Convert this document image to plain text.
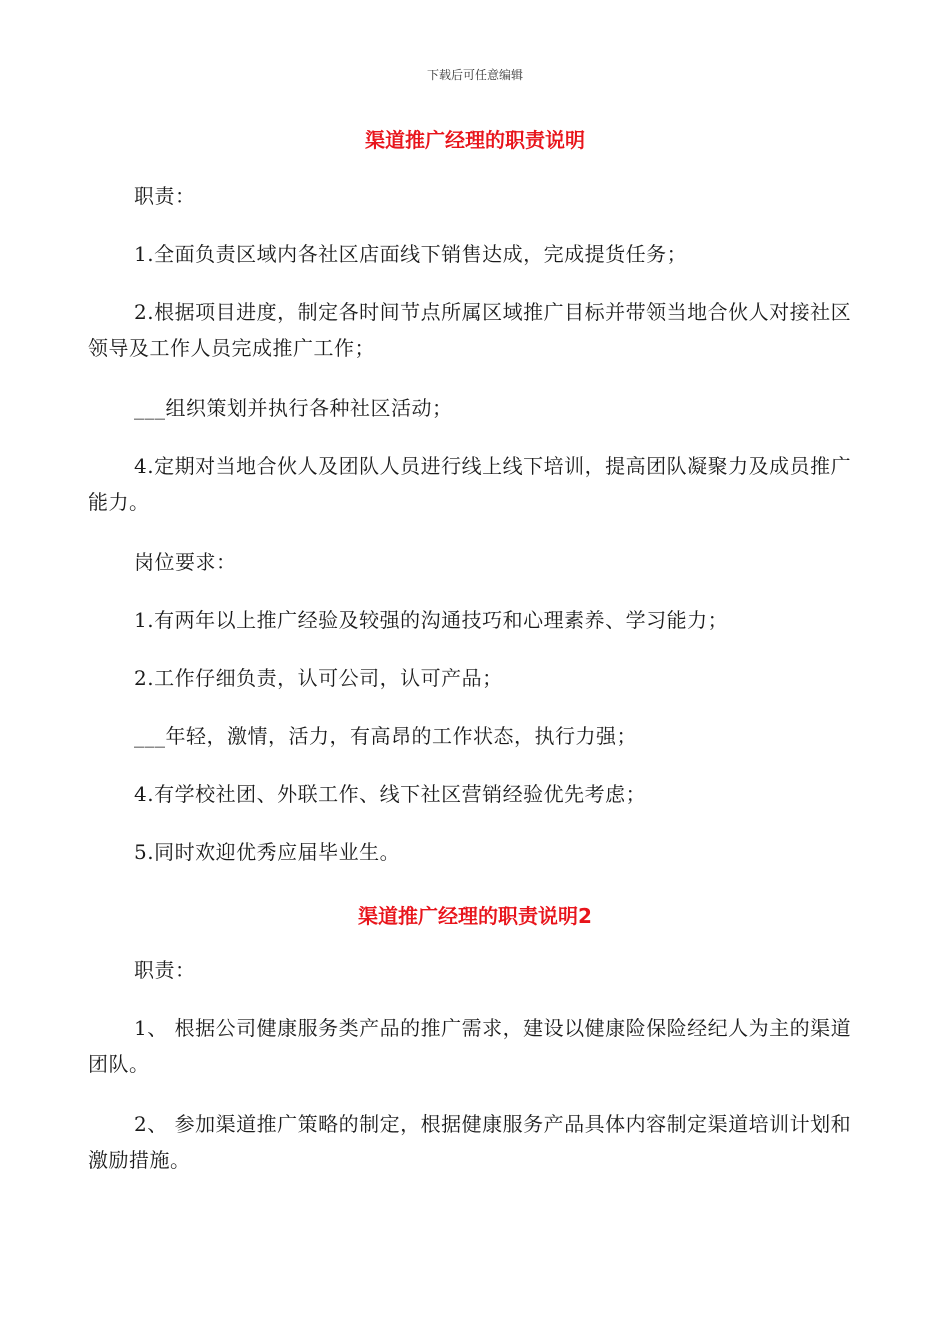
下载后可任意编辑
渠道推广经理的职责说明

职责：

1.全面负责区域内各社区店面线下销售达成，完成提货任务；

2.根据项目进度，制定各时间节点所属区域推广目标并带领当地合伙人对接社区领导及工作人员完成推广工作；

___组织策划并执行各种社区活动；

4.定期对当地合伙人及团队人员进行线上线下培训，提高团队凝聚力及成员推广能力。

岗位要求：

1.有两年以上推广经验及较强的沟通技巧和心理素养、学习能力；

2.工作仔细负责，认可公司，认可产品；

___年轻，激情，活力，有高昂的工作状态，执行力强；

4.有学校社团、外联工作、线下社区营销经验优先考虑；

5.同时欢迎优秀应届毕业生。

渠道推广经理的职责说明2

职责：

1、 根据公司健康服务类产品的推广需求，建设以健康险保险经纪人为主的渠道团队。

2、 参加渠道推广策略的制定，根据健康服务产品具体内容制定渠道培训计划和激励措施。
